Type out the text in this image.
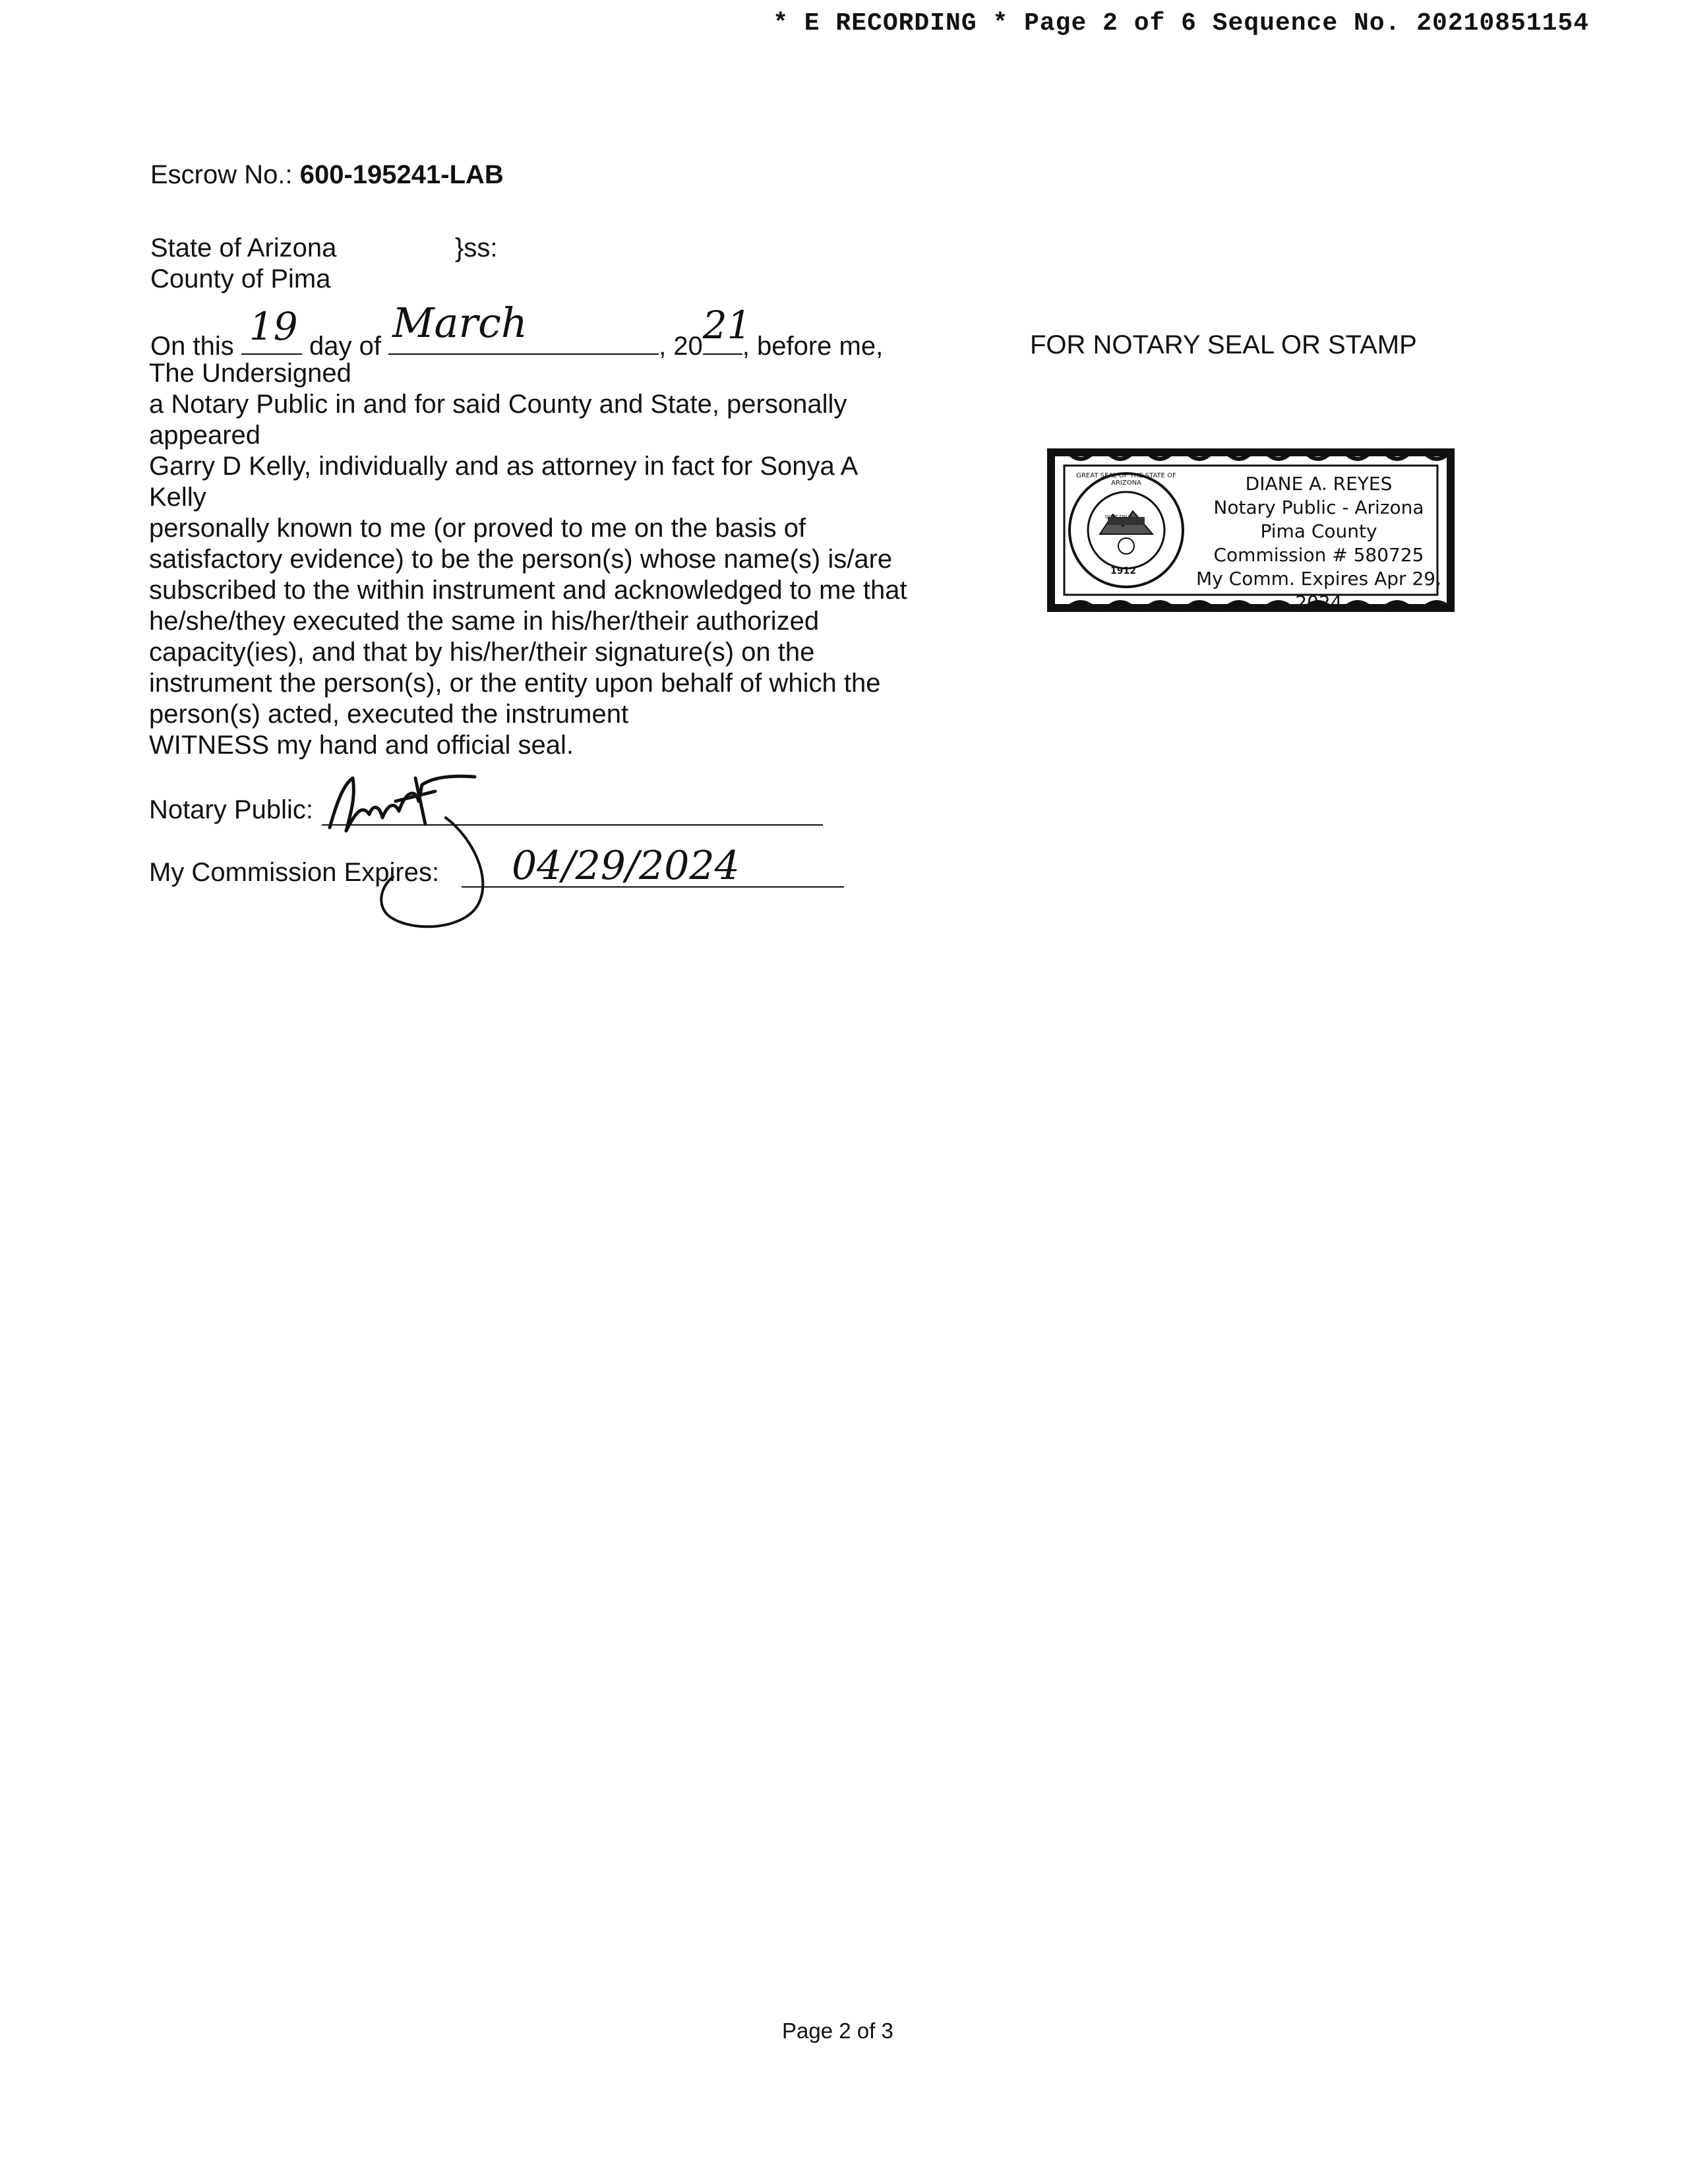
* E RECORDING * Page 2 of 6 Sequence No. 20210851154
Escrow No.: 600-195241-LAB
State of Arizona	}ss:
County of Pima
On this 19 day of March	, 20 21
, before me,

The Undersigned

a Notary Public in and for said County and State, personally

appeared

Garry D Kelly, individually and as attorney in fact for Sonya A

Kelly

personally known to me (or proved to me on the basis of

satisfactory evidence) to be the person(s) whose name(s) is/are

subscribed to the within instrument and acknowledged to me that

he/she/they executed the same in his/her/their authorized

capacity(ies), and that by his/her/their signature(s) on the

instrument the person(s), or the entity upon behalf of which the

person(s) acted, executed the instrument

WITNESS my hand and official seal.

Notary Public:
My Commission Expires: 04/29/2024
FOR NOTARY SEAL OR STAMP
DITAT DEUS
1912
GREAT SEAL OF THE STATE OF ARIZONA	DIANE A. REYES
Notary Public - Arizona
Pima County
Commission # 580725
My Comm. Expires Apr 29, 2024
Page 2 of 3
